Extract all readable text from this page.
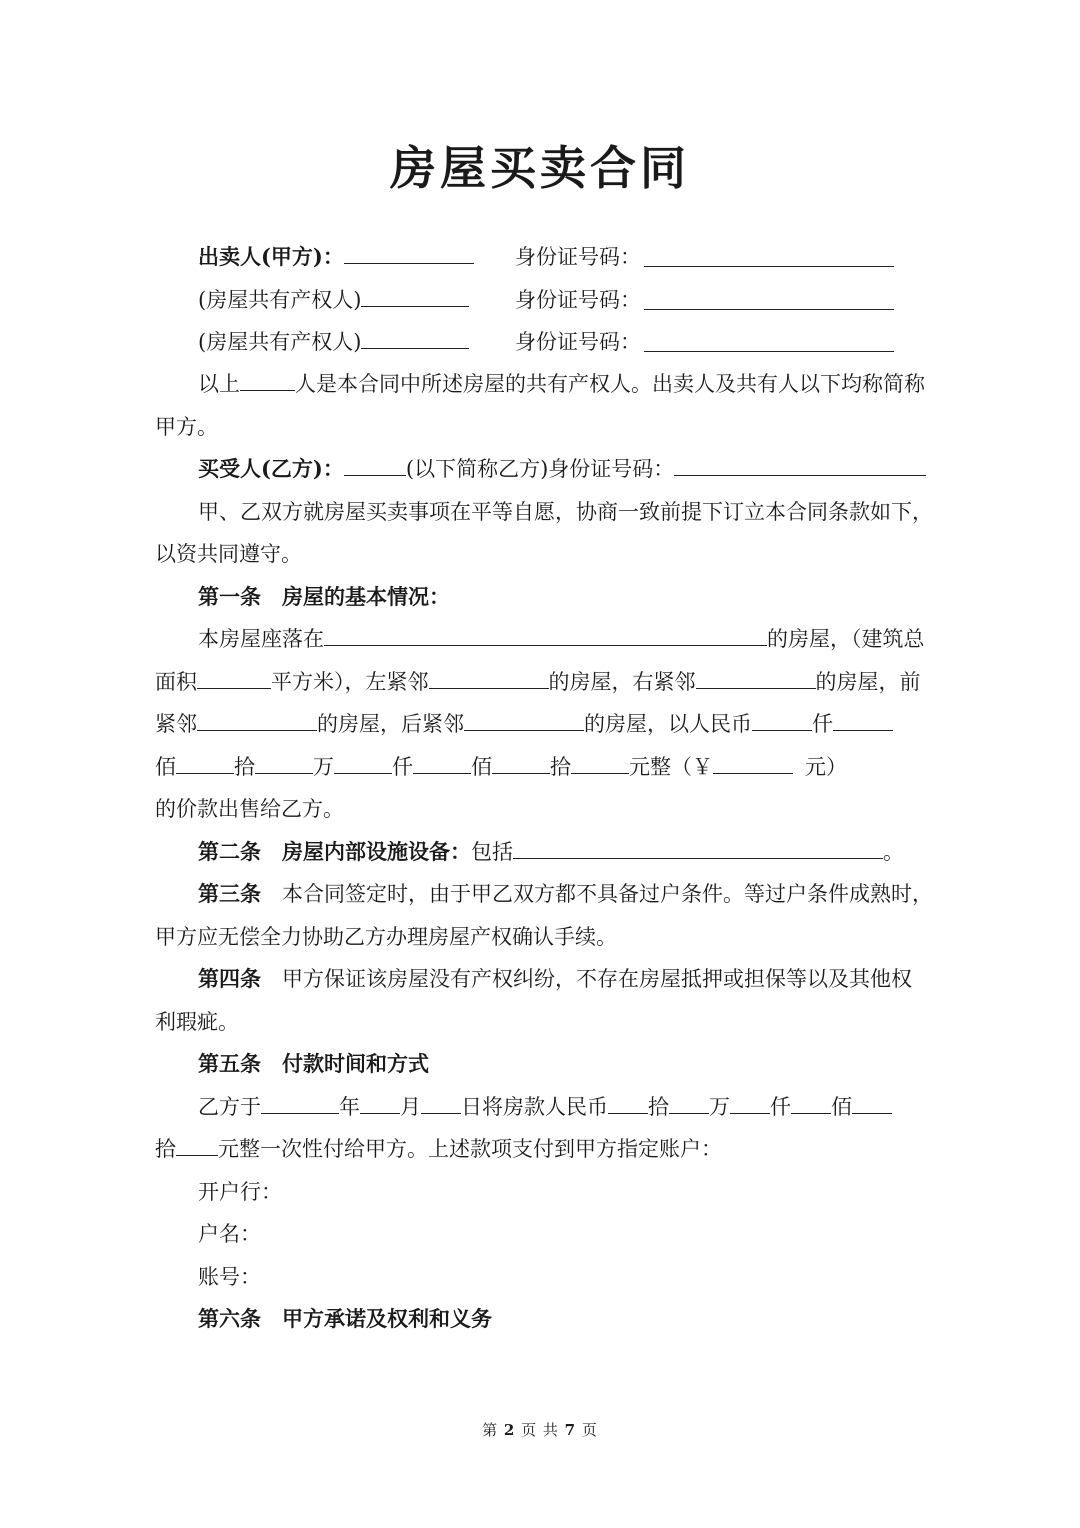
房屋买卖合同
出卖人(甲方)：	身份证号码：
(房屋共有产权人)	身份证号码：
(房屋共有产权人)	身份证号码：
以上	人是本合同中所述房屋的共有产权人。出卖人及共有人以下均称简称
甲方。
买受人(乙方)：	(以下简称乙方)身份证号码：
甲、乙双方就房屋买卖事项在平等自愿，协商一致前提下订立本合同条款如下，
以资共同遵守。
第一条　房屋的基本情况：
本房屋座落在	的房屋，（建筑总
面积	平方米），左紧邻	的房屋，右紧邻	的房屋，前
紧邻	的房屋，后紧邻	的房屋，以人民币	仟
佰	拾	万	仟	佰	拾	元整（￥	元）
的价款出售给乙方。
第二条 房屋内部设施设备：包括	。
第三条 本合同签定时，由于甲乙双方都不具备过户条件。等过户条件成熟时，
甲方应无偿全力协助乙方办理房屋产权确认手续。
第四条 甲方保证该房屋没有产权纠纷，不存在房屋抵押或担保等以及其他权
利瑕疵。
第五条　付款时间和方式
乙方于	年 月 日将房款人民币 拾 万 仟 佰
拾 元整一次性付给甲方。上述款项支付到甲方指定账户：
开户行：
户名：
账号：
第六条　甲方承诺及权利和义务
第 2 页 共 7 页
